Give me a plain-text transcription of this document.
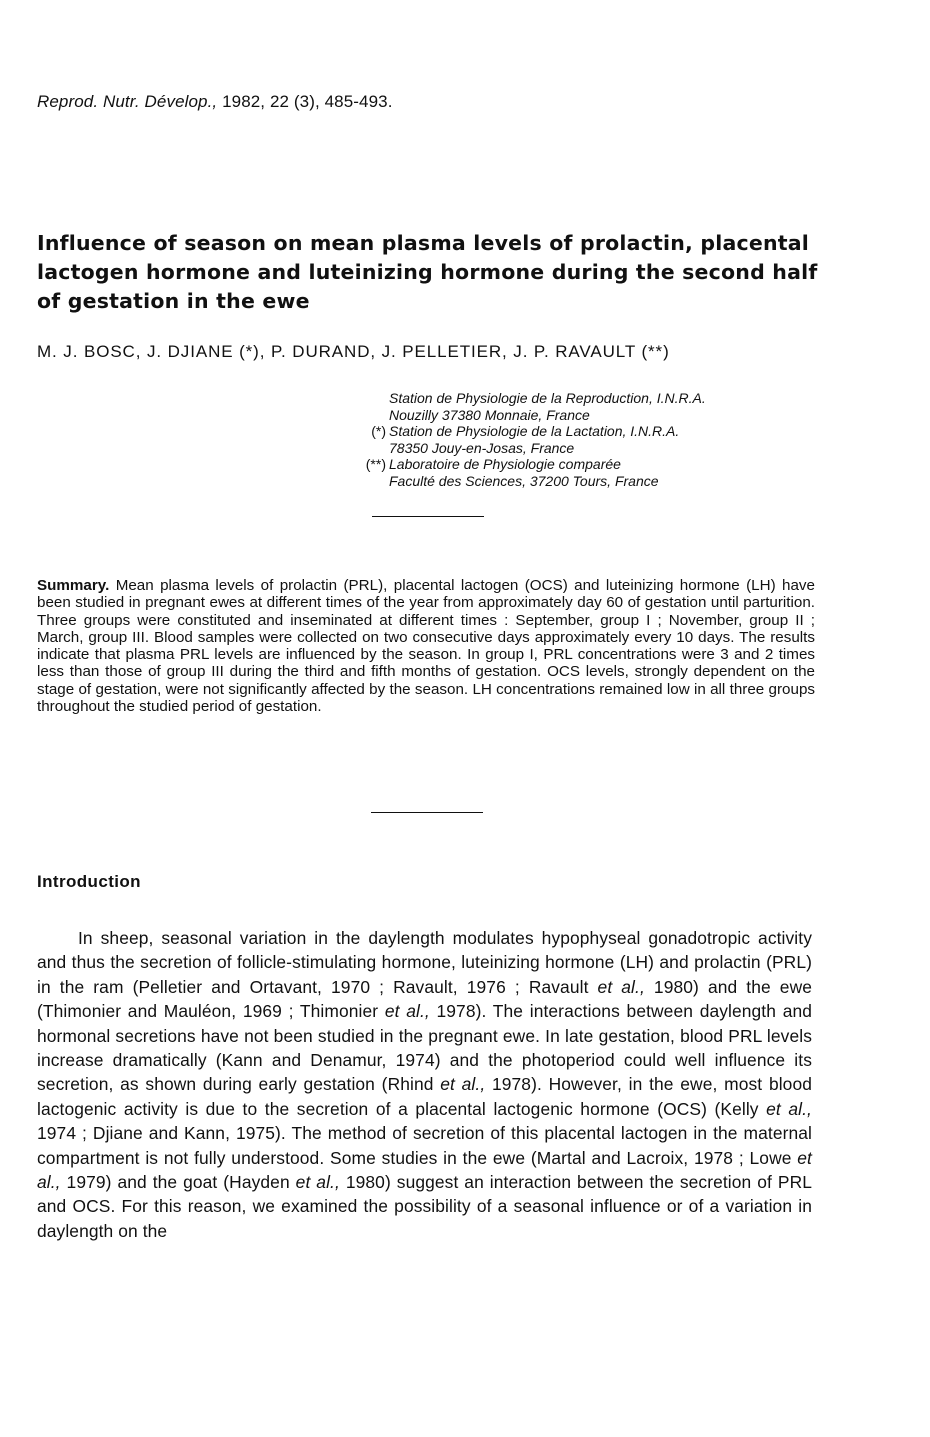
Reprod. Nutr. Dévelop., 1982, 22 (3), 485-493.
Influence of season on mean plasma levels of prolactin, placental lactogen hormone and luteinizing hormone during the second half of gestation in the ewe
M. J. BOSC, J. DJIANE (*), P. DURAND, J. PELLETIER, J. P. RAVAULT (**)
Station de Physiologie de la Reproduction, I.N.R.A.
Nouzilly 37380 Monnaie, France
(*) Station de Physiologie de la Lactation, I.N.R.A.
78350 Jouy-en-Josas, France
(**) Laboratoire de Physiologie comparée
Faculté des Sciences, 37200 Tours, France
Summary. Mean plasma levels of prolactin (PRL), placental lactogen (OCS) and luteinizing hormone (LH) have been studied in pregnant ewes at different times of the year from approximately day 60 of gestation until parturition. Three groups were constituted and inseminated at different times : September, group I ; November, group II ; March, group III. Blood samples were collected on two consecutive days approximately every 10 days. The results indicate that plasma PRL levels are influenced by the season. In group I, PRL concentrations were 3 and 2 times less than those of group III during the third and fifth months of gestation. OCS levels, strongly dependent on the stage of gestation, were not significantly affected by the season. LH concentrations remained low in all three groups throughout the studied period of gestation.
Introduction

In sheep, seasonal variation in the daylength modulates hypophyseal gonadotropic activity and thus the secretion of follicle-stimulating hormone, luteinizing hormone (LH) and prolactin (PRL) in the ram (Pelletier and Ortavant, 1970 ; Ravault, 1976 ; Ravault et al., 1980) and the ewe (Thimonier and Mauléon, 1969 ; Thimonier et al., 1978). The interactions between daylength and hormonal secretions have not been studied in the pregnant ewe. In late gestation, blood PRL levels increase dramatically (Kann and Denamur, 1974) and the photoperiod could well influence its secretion, as shown during early gestation (Rhind et al., 1978). However, in the ewe, most blood lactogenic activity is due to the secretion of a placental lactogenic hormone (OCS) (Kelly et al., 1974 ; Djiane and Kann, 1975). The method of secretion of this placental lactogen in the maternal compartment is not fully understood. Some studies in the ewe (Martal and Lacroix, 1978 ; Lowe et al., 1979) and the goat (Hayden et al., 1980) suggest an interaction between the secretion of PRL and OCS. For this reason, we examined the possibility of a seasonal influence or of a variation in daylength on the
